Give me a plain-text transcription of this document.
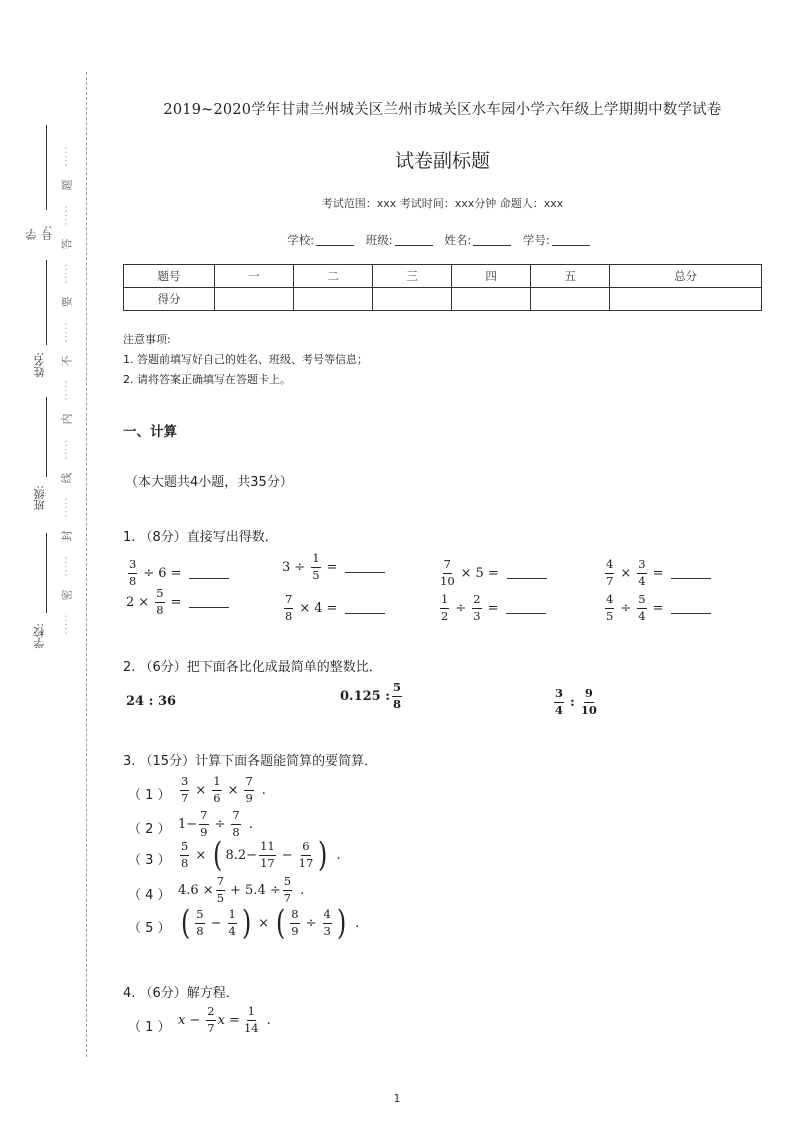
学号:
姓名:
班级:
学校:
·····
题
·····
答
·····
要
·····
不
·····
内
·····
线
·····
封
·····
密
·····
2019~2020学年甘肃兰州城关区兰州市城关区水车园小学六年级上学期期中数学试卷
试卷副标题
考试范围：xxx 考试时间：xxx分钟 命题人：xxx
学校:	班级:	姓名:	学号:
题号	一	二	三	四	五	总分
得分						
注意事项:
1. 答题前填写好自己的姓名、班级、考号等信息；
2. 请将答案正确填写在答题卡上。
一、计算
（本大题共4小题，共35分）
1. （8分）直接写出得数．
$\frac{3}{8} \div 6$ =	$3 \div \frac{1}{5}$ =	$\frac{7}{10} \times 5$ =	$\frac{4}{7} \times \frac{3}{4}$ =
$2 \times \frac{5}{8}$ =	$\frac{7}{8} \times 4$ =	$\frac{1}{2} \div \frac{2}{3}$ =	$\frac{4}{5} \div \frac{5}{4}$ =
2. （6分）把下面各比化成最简单的整数比．
24 : 36	0.125 : $\frac{5}{8}$	$\frac{3}{4}$ : $\frac{9}{10}$
3. （15分）计算下面各题能简算的要简算．
（ 1 ） $\frac{3}{7} \times \frac{1}{6} \times \frac{7}{9}$ .
（ 2 ） $1- \frac{7}{9} \div \frac{7}{8}$ .
（ 3 ） $\frac{5}{8}$ × ( $8.2- \frac{11}{17} - \frac{6}{17}$ ) .
（ 4 ） $4.6 \times \frac{7}{5} + 5.4 \div \frac{5}{7}$ .
（ 5 ） ( $\frac{5}{8} - \frac{1}{4}$ ) × ( $\frac{8}{9} \div \frac{4}{3}$ ) .
4. （6分）解方程．
（ 1 ） $x - \frac{2}{7}$ $x = \frac{1}{14}$ .
1
